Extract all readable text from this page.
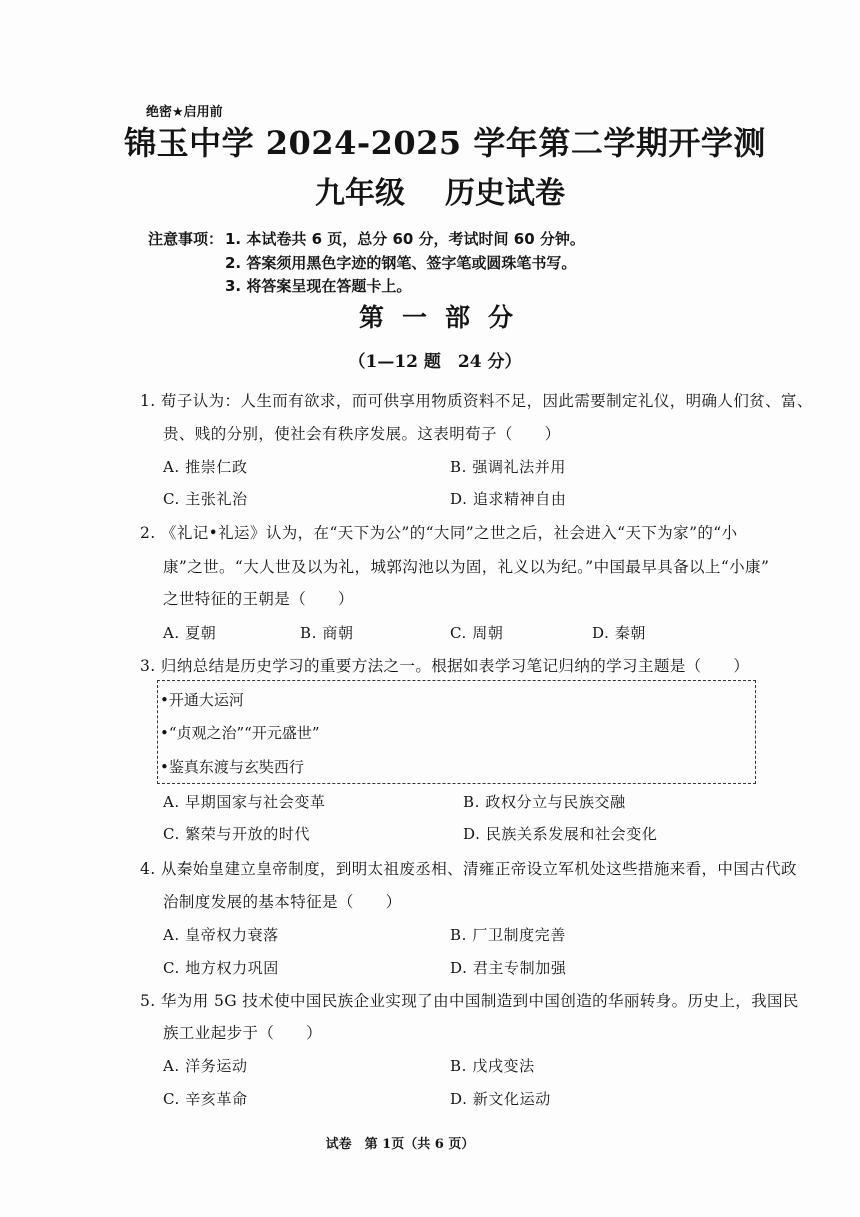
绝密★启用前
锦玉中学 2024-2025 学年第二学期开学测
九年级 历史试卷
注意事项： 1. 本试卷共 6 页，总分 60 分，考试时间 60 分钟。
2. 答案须用黑色字迹的钢笔、签字笔或圆珠笔书写。
3. 将答案呈现在答题卡上。
第一部分
（1—12 题　24 分）
1. 荀子认为：人生而有欲求，而可供享用物质资料不足，因此需要制定礼仪，明确人们贫、富、
贵、贱的分别，使社会有秩序发展。这表明荀子（　　）
A. 推崇仁政	B. 强调礼法并用
C. 主张礼治	D. 追求精神自由
2. 《礼记•礼运》认为，在“天下为公”的“大同”之世之后，社会进入“天下为家”的“小
康”之世。“大人世及以为礼，城郭沟池以为固，礼义以为纪。”中国最早具备以上“小康”
之世特征的王朝是（　　）
A. 夏朝	B. 商朝	C. 周朝	D. 秦朝
3. 归纳总结是历史学习的重要方法之一。根据如表学习笔记归纳的学习主题是（　　）
•开通大运河
•“贞观之治”“开元盛世”
•鉴真东渡与玄奘西行
A. 早期国家与社会变革	B. 政权分立与民族交融
C. 繁荣与开放的时代	D. 民族关系发展和社会变化
4. 从秦始皇建立皇帝制度，到明太祖废丞相、清雍正帝设立军机处这些措施来看，中国古代政
治制度发展的基本特征是（　　）
A. 皇帝权力衰落	B. 厂卫制度完善
C. 地方权力巩固	D. 君主专制加强
5. 华为用 5G 技术使中国民族企业实现了由中国制造到中国创造的华丽转身。历史上，我国民
族工业起步于（　　）
A. 洋务运动	B. 戊戌变法
C. 辛亥革命	D. 新文化运动
试卷　第 1页（共 6 页）
